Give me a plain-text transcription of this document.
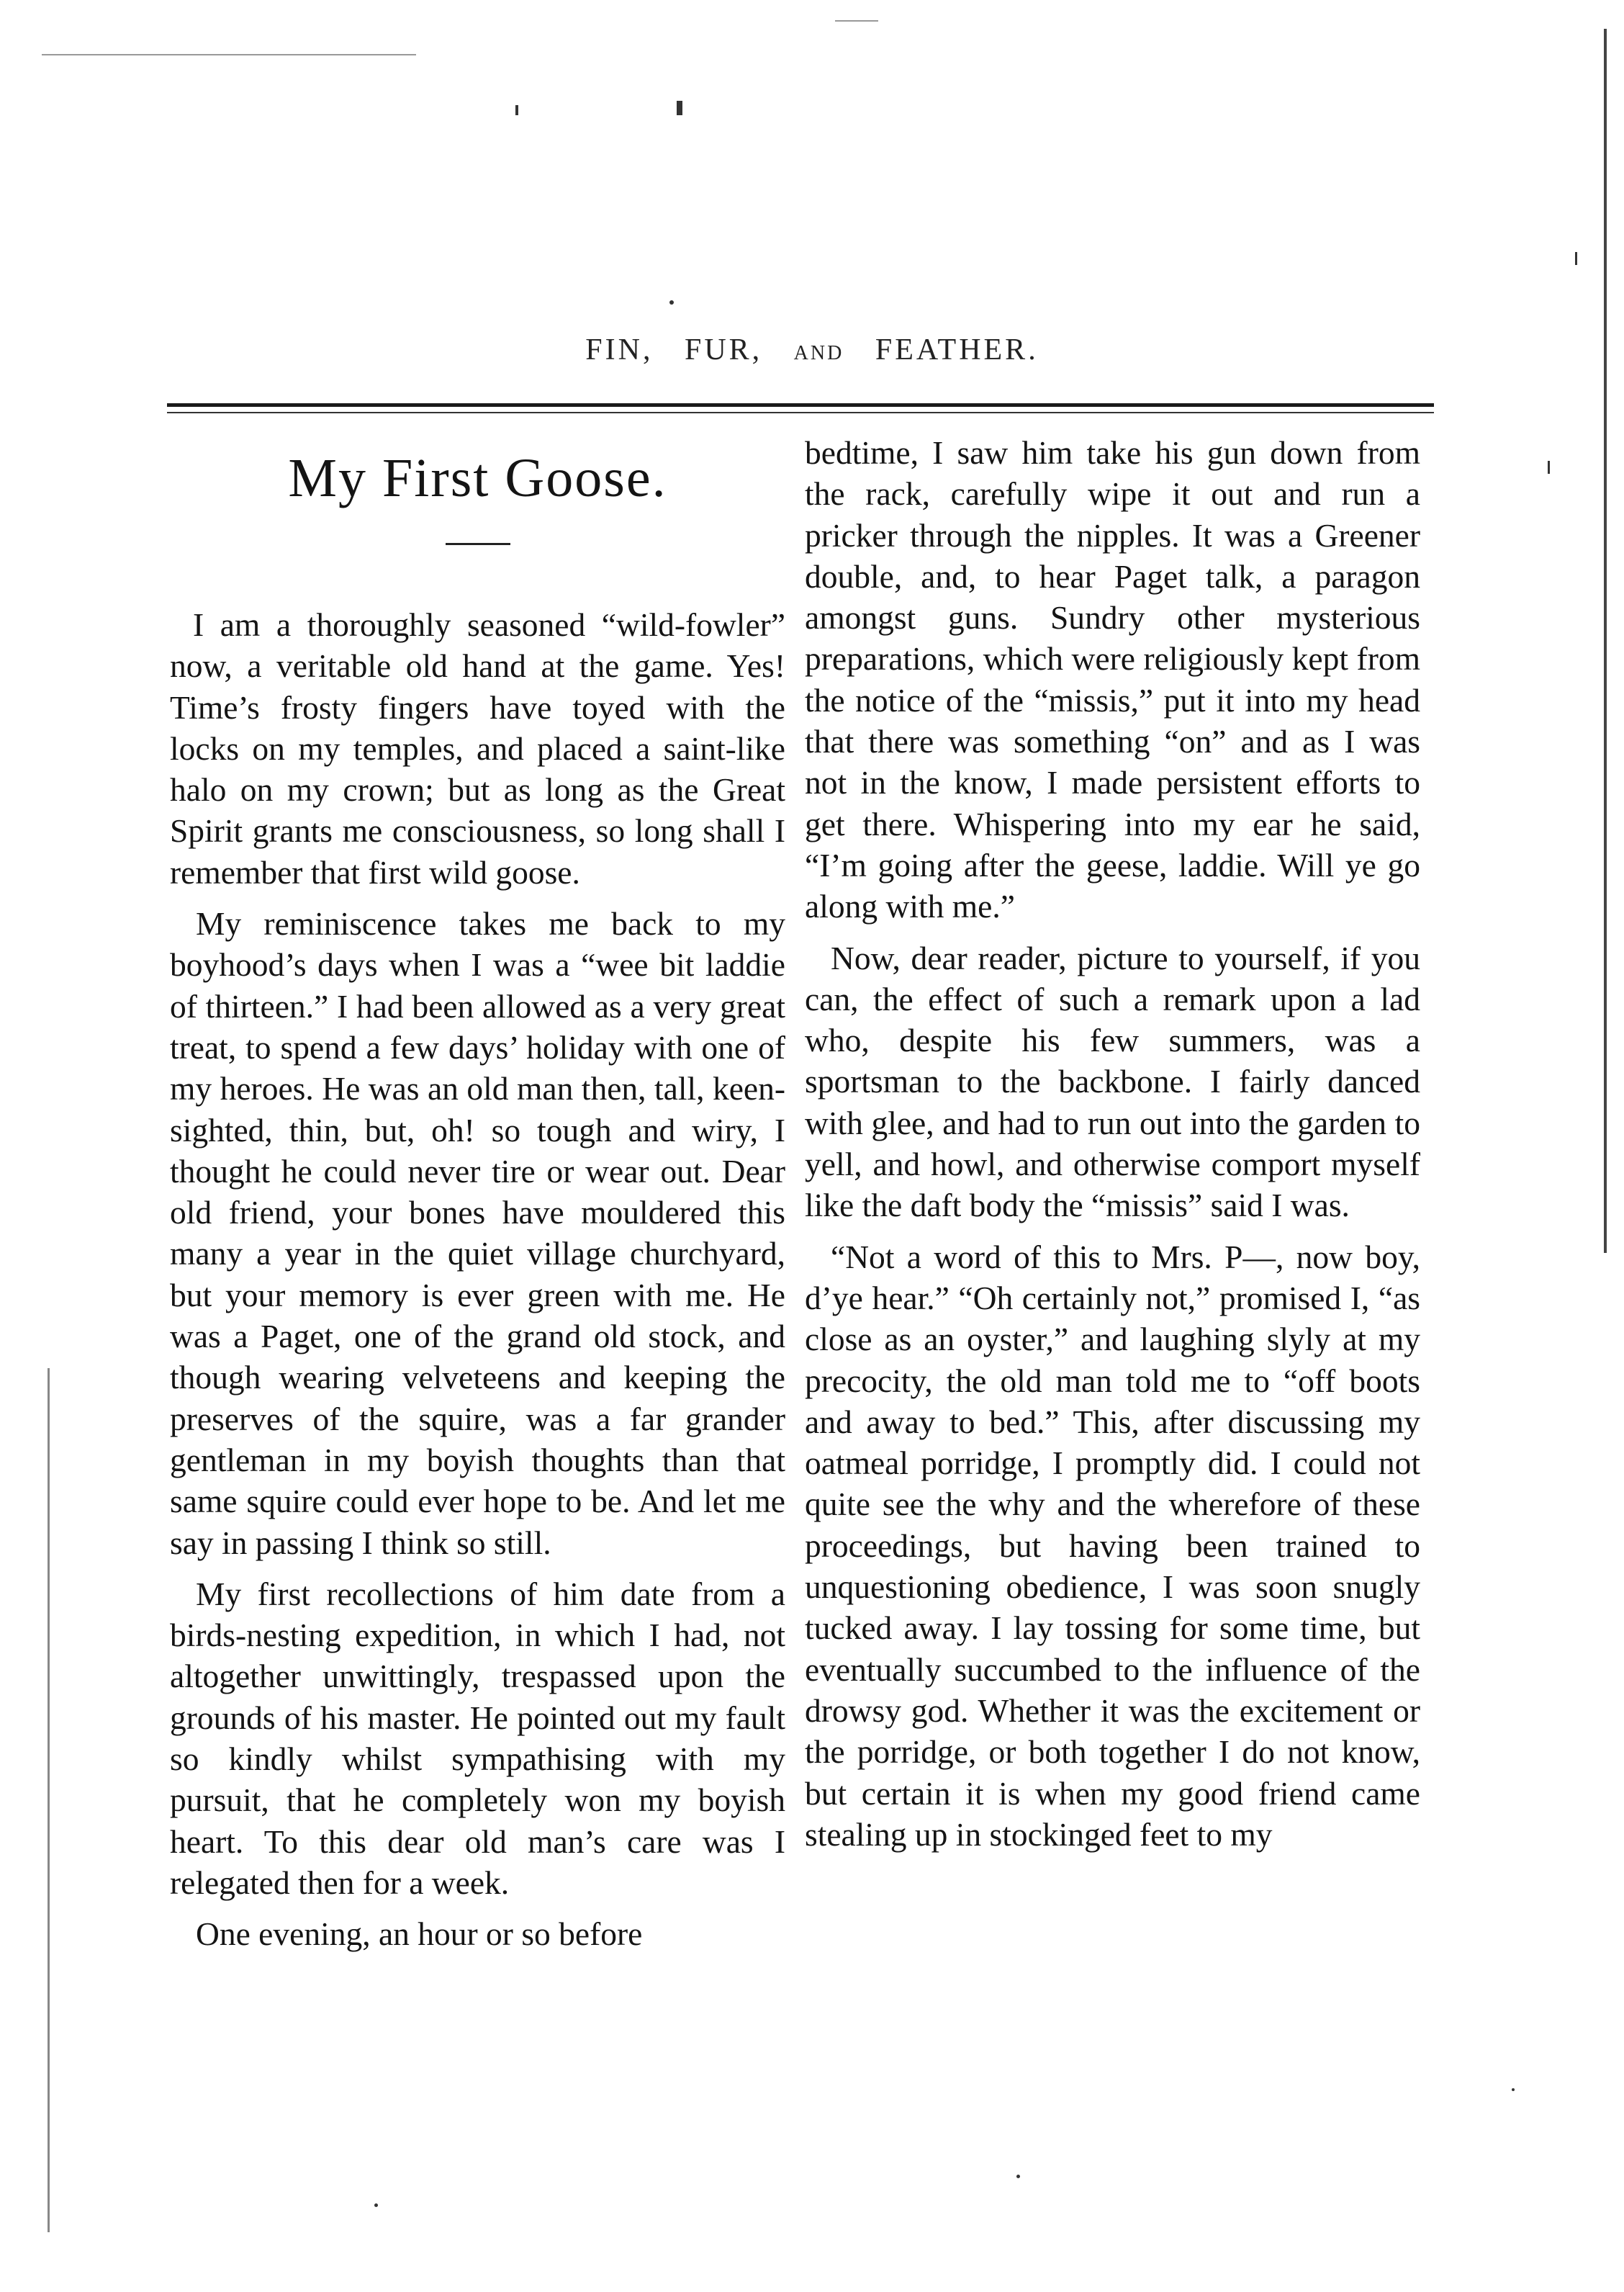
FIN, FUR, AND FEATHER.
My First Goose.

I am a thoroughly seasoned “wild-fowler” now, a veritable old hand at the game. Yes! Time’s frosty fingers have toyed with the locks on my temples, and placed a saint-like halo on my crown; but as long as the Great Spirit grants me consciousness, so long shall I remember that first wild goose.

My reminiscence takes me back to my boyhood’s days when I was a “wee bit laddie of thirteen.” I had been allowed as a very great treat, to spend a few days’ holiday with one of my heroes. He was an old man then, tall, keen-sighted, thin, but, oh! so tough and wiry, I thought he could never tire or wear out. Dear old friend, your bones have mouldered this many a year in the quiet village churchyard, but your memory is ever green with me. He was a Paget, one of the grand old stock, and though wearing velveteens and keeping the preserves of the squire, was a far grander gentleman in my boyish thoughts than that same squire could ever hope to be. And let me say in passing I think so still.

My first recollections of him date from a birds-nesting expedition, in which I had, not altogether unwittingly, trespassed upon the grounds of his master. He pointed out my fault so kindly whilst sympathising with my pursuit, that he completely won my boyish heart. To this dear old man’s care was I relegated then for a week.

One evening, an hour or so before

bedtime, I saw him take his gun down from the rack, carefully wipe it out and run a pricker through the nipples. It was a Greener double, and, to hear Paget talk, a paragon amongst guns. Sundry other mysterious preparations, which were religiously kept from the notice of the “missis,” put it into my head that there was something “on” and as I was not in the know, I made persistent efforts to get there. Whispering into my ear he said, “I’m going after the geese, laddie. Will ye go along with me.”

Now, dear reader, picture to yourself, if you can, the effect of such a remark upon a lad who, despite his few summers, was a sportsman to the backbone. I fairly danced with glee, and had to run out into the garden to yell, and howl, and otherwise comport myself like the daft body the “missis” said I was.

“Not a word of this to Mrs. P—, now boy, d’ye hear.” “Oh certainly not,” promised I, “as close as an oyster,” and laughing slyly at my precocity, the old man told me to “off boots and away to bed.” This, after discussing my oatmeal porridge, I promptly did. I could not quite see the why and the wherefore of these proceedings, but having been trained to unquestioning obedience, I was soon snugly tucked away. I lay tossing for some time, but eventually succumbed to the influence of the drowsy god. Whether it was the excitement or the porridge, or both together I do not know, but certain it is when my good friend came stealing up in stockinged feet to my
